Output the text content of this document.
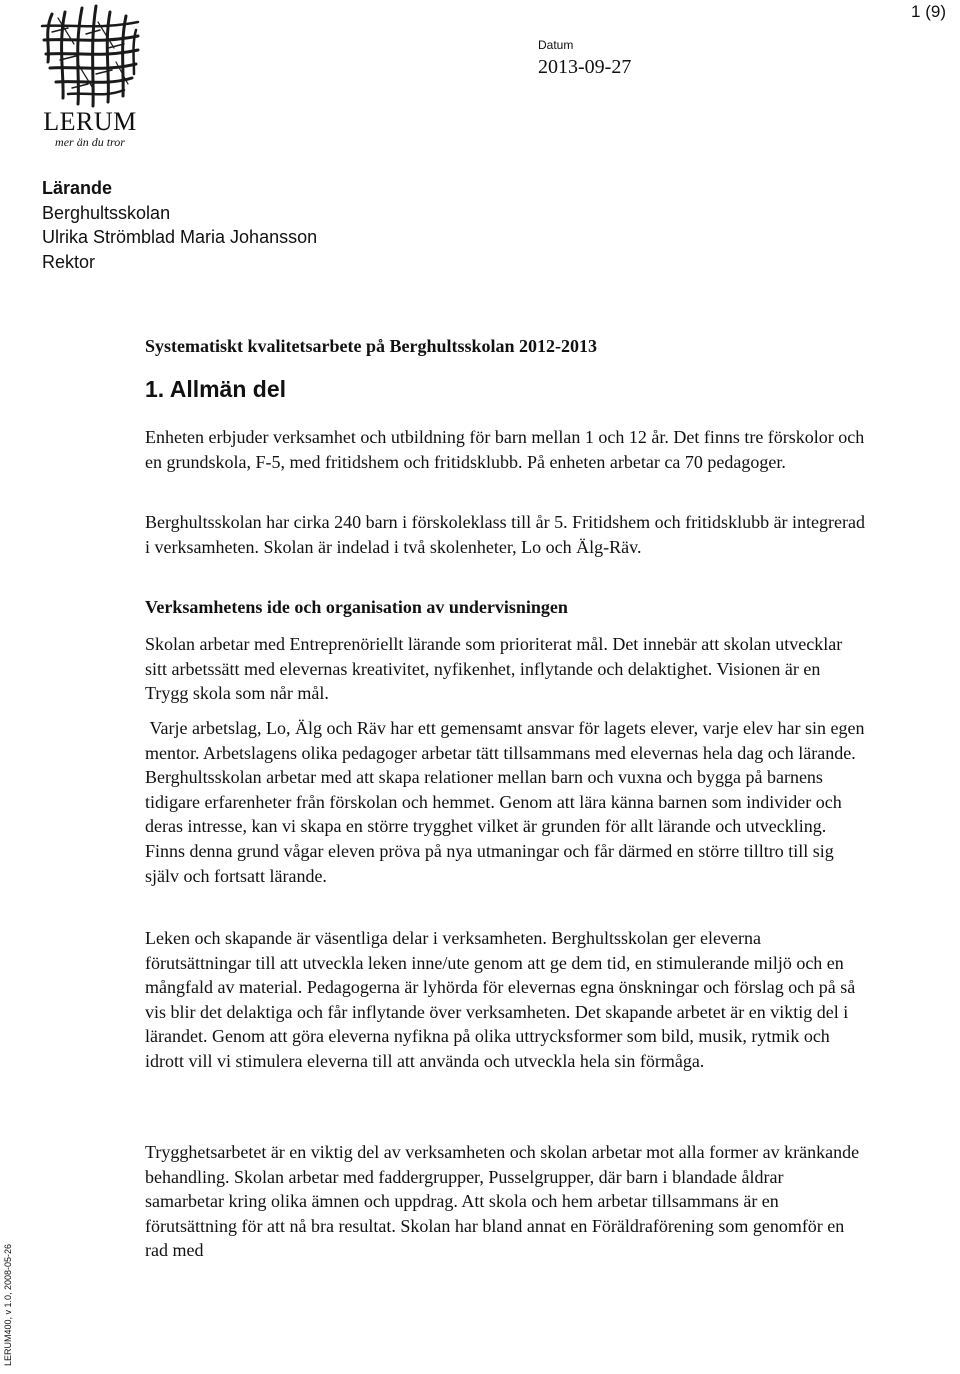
1 (9)
LERUM
mer än du tror
Datum
2013-09-27
Lärande
Berghultsskolan
Ulrika Strömblad Maria Johansson
Rektor
Systematiskt kvalitetsarbete på Berghultsskolan 2012-2013
1. Allmän del
Enheten erbjuder verksamhet och utbildning för barn mellan 1 och 12 år. Det finns tre förskolor och en grundskola, F-5, med fritidshem och fritidsklubb. På enheten arbetar ca 70 pedagoger.
Berghultsskolan har cirka 240 barn i förskoleklass till år 5. Fritidshem och fritidsklubb är integrerad i verksamheten. Skolan är indelad i två skolenheter, Lo och Älg-Räv.
Verksamhetens ide och organisation av undervisningen
Skolan arbetar med Entreprenöriellt lärande som prioriterat mål. Det innebär att skolan utvecklar sitt arbetssätt med elevernas kreativitet, nyfikenhet, inflytande och delaktighet. Visionen är en Trygg skola som når mål.
Varje arbetslag, Lo, Älg och Räv har ett gemensamt ansvar för lagets elever, varje elev har sin egen mentor. Arbetslagens olika pedagoger arbetar tätt tillsammans med elevernas hela dag och lärande. Berghultsskolan arbetar med att skapa relationer mellan barn och vuxna och bygga på barnens tidigare erfarenheter från förskolan och hemmet. Genom att lära känna barnen som individer och deras intresse, kan vi skapa en större trygghet vilket är grunden för allt lärande och utveckling. Finns denna grund vågar eleven pröva på nya utmaningar och får därmed en större tilltro till sig själv och fortsatt lärande.
Leken och skapande är väsentliga delar i verksamheten. Berghultsskolan ger eleverna förutsättningar till att utveckla leken inne/ute genom att ge dem tid, en stimulerande miljö och en mångfald av material. Pedagogerna är lyhörda för elevernas egna önskningar och förslag och på så vis blir det delaktiga och får inflytande över verksamheten. Det skapande arbetet är en viktig del i lärandet. Genom att göra eleverna nyfikna på olika uttrycksformer som bild, musik, rytmik och idrott vill vi stimulera eleverna till att använda och utveckla hela sin förmåga.
Trygghetsarbetet är en viktig del av verksamheten och skolan arbetar mot alla former av kränkande behandling. Skolan arbetar med faddergrupper, Pusselgrupper, där barn i blandade åldrar samarbetar kring olika ämnen och uppdrag. Att skola och hem arbetar tillsammans är en förutsättning för att nå bra resultat. Skolan har bland annat en Föräldraförening som genomför en rad med
LERUM400, v 1.0, 2008-05-26
